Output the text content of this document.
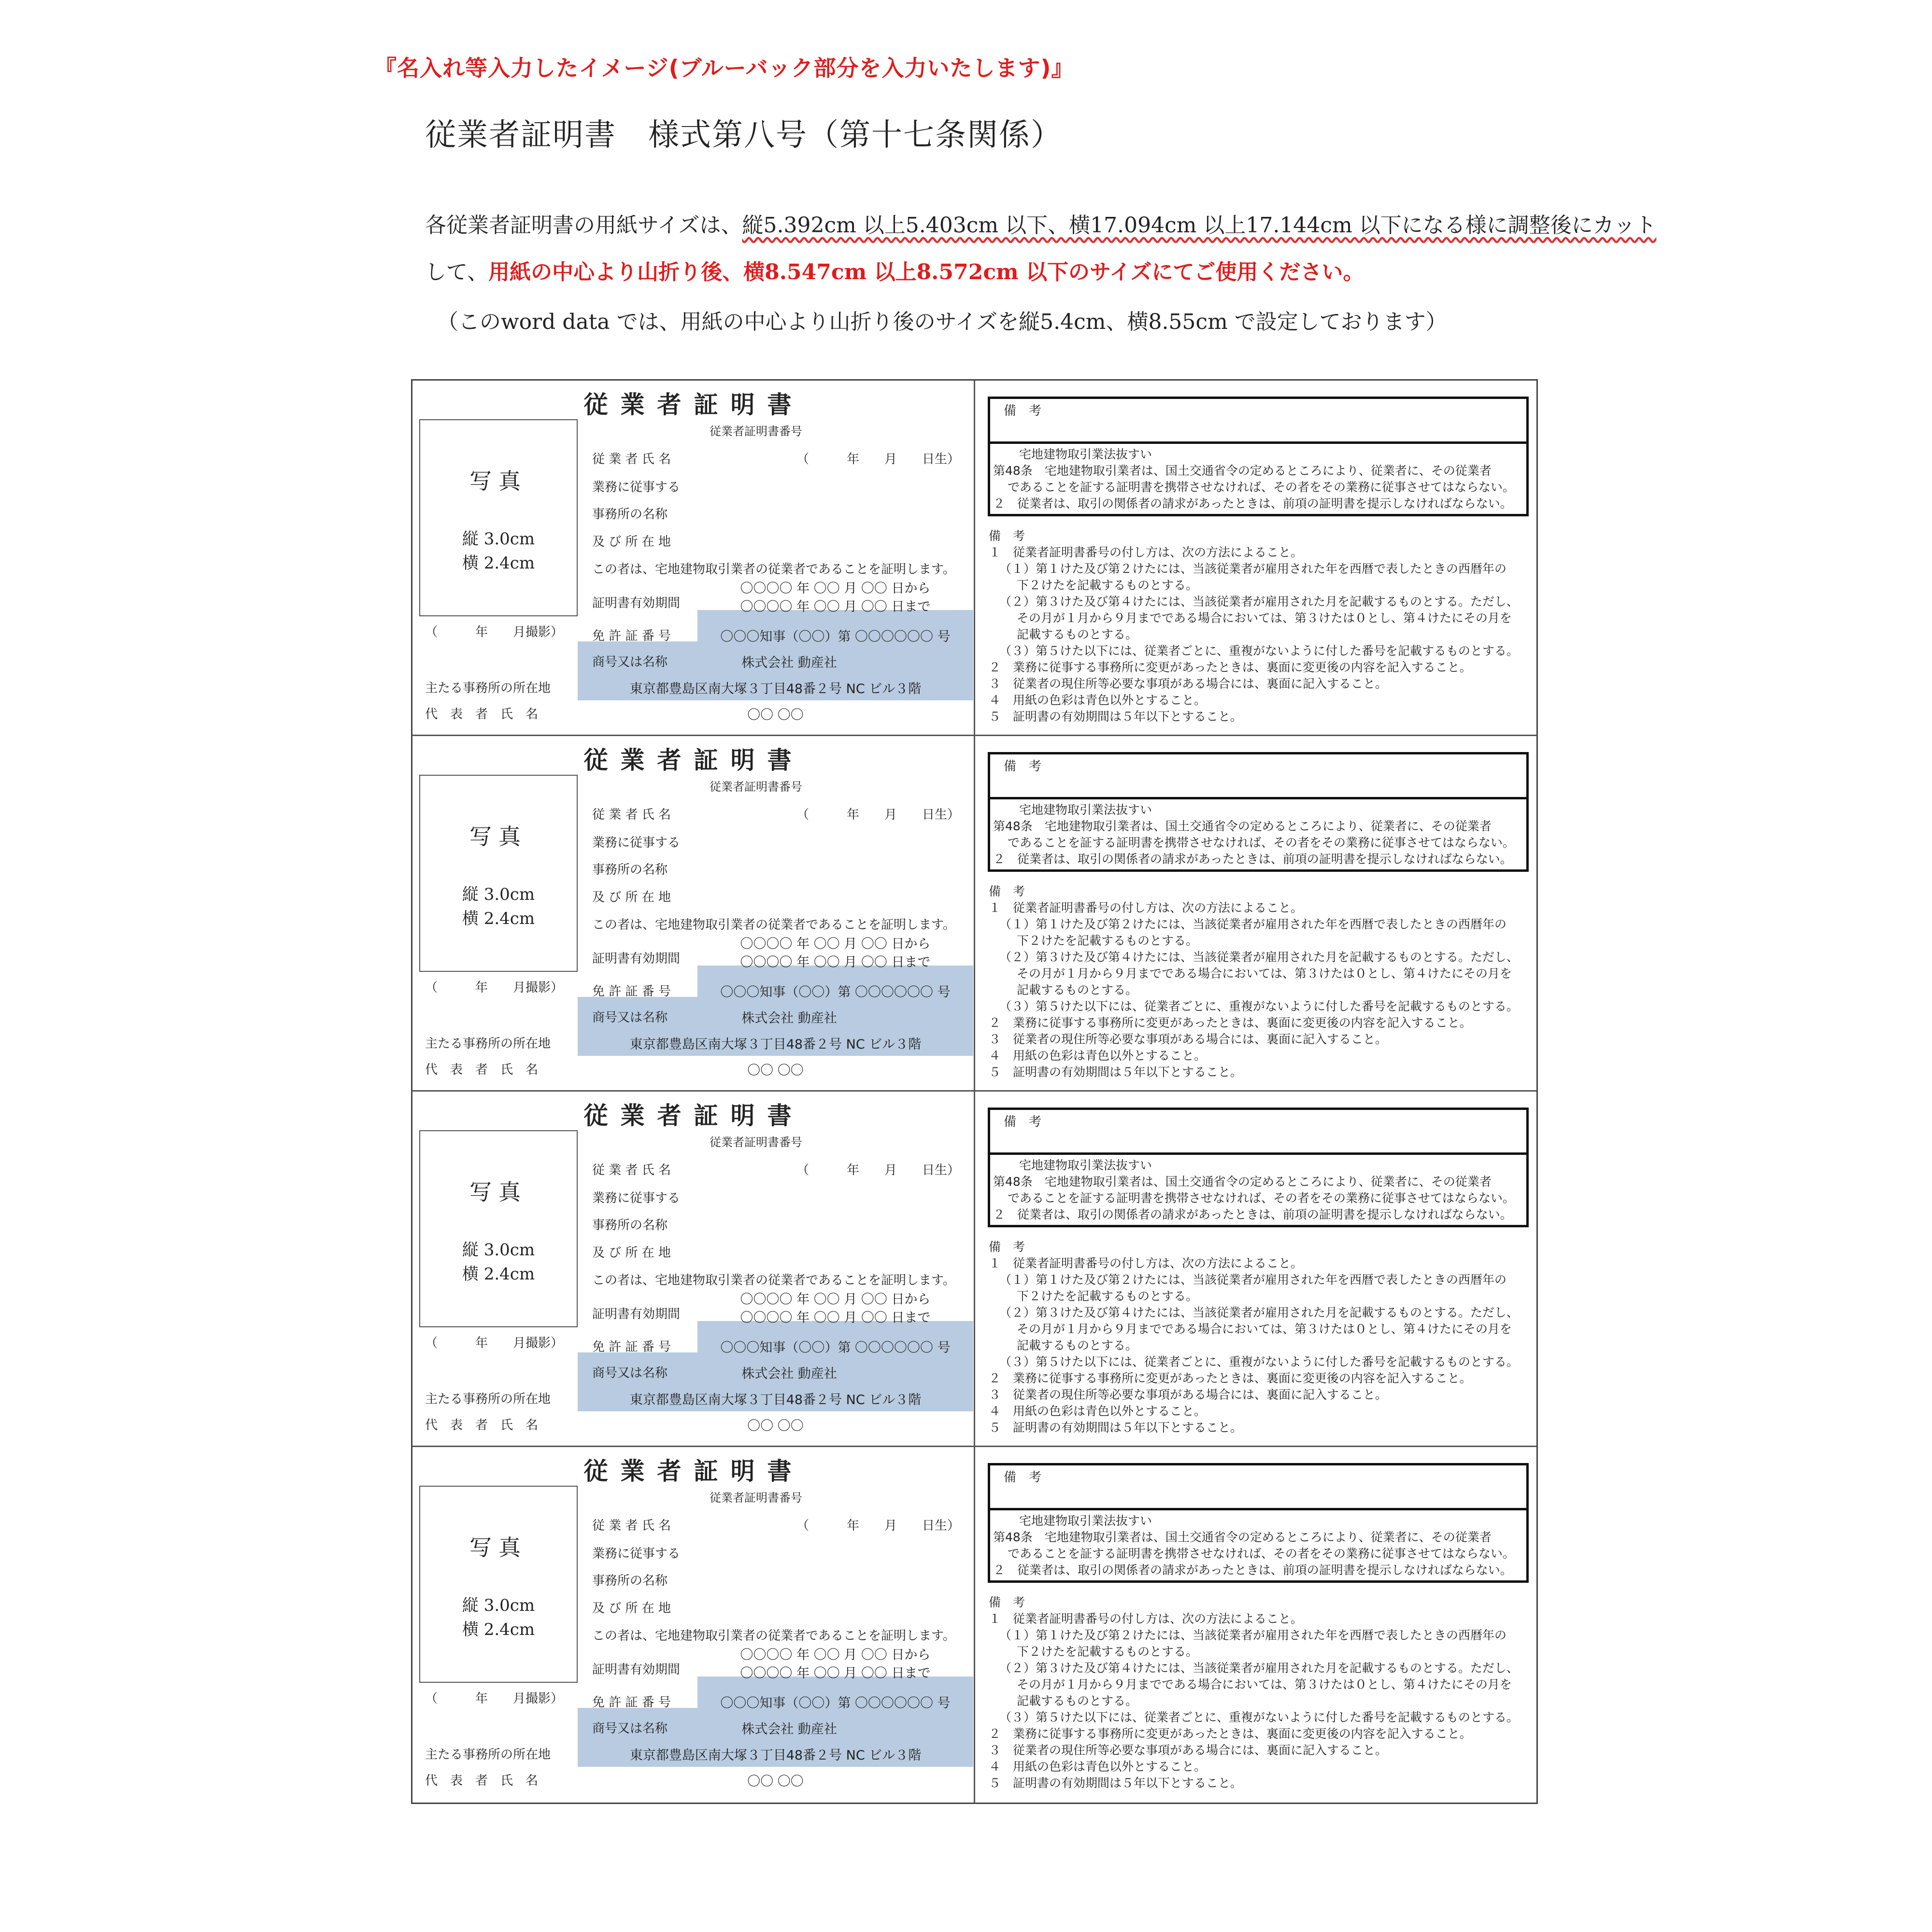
『名入れ等入力したイメージ(ブルーバック部分を入力いたします)』
従業者証明書　様式第八号（第十七条関係）
各従業者証明書の用紙サイズは、縦5.392cm 以上5.403cm 以下、横17.094cm 以上17.144cm 以下になる様に調整後にカット
して、用紙の中心より山折り後、横8.547cm 以上8.572cm 以下のサイズにてご使用ください。
（このword data では、用紙の中心より山折り後のサイズを縦5.4cm、横8.55cm で設定しております）
従業者証明書
従業者証明書番号
写真
縦 3.0cm
横 2.4cm
（　　　年　　月撮影）
従 業 者 氏 名	（　　　年　　月　　日生）
業務に従事する
事務所の名称
及 び 所 在 地
この者は、宅地建物取引業者の従業者であることを証明します。
証明書有効期間
〇〇〇〇 年 〇〇 月 〇〇 日から
〇〇〇〇 年 〇〇 月 〇〇 日まで
免 許 証 番 号	〇〇〇知事（〇〇）第 〇〇〇〇〇〇 号
商号又は名称	株式会社 動産社
主たる事務所の所在地	東京都豊島区南大塚３丁目48番２号 NC ビル３階
代　表　者　氏　名	〇〇 〇〇
備　考
宅地建物取引業法抜すい
第48条　宅地建物取引業者は、国土交通省令の定めるところにより、従業者に、その従業者
であることを証する証明書を携帯させなければ、その者をその業務に従事させてはならない。
２　従業者は、取引の関係者の請求があったときは、前項の証明書を提示しなければならない。
備　考
１　従業者証明書番号の付し方は、次の方法によること。
（１）第１けた及び第２けたには、当該従業者が雇用された年を西暦で表したときの西暦年の
下２けたを記載するものとする。
（２）第３けた及び第４けたには、当該従業者が雇用された月を記載するものとする。ただし、
その月が１月から９月までである場合においては、第３けたは０とし、第４けたにその月を
記載するものとする。
（３）第５けた以下には、従業者ごとに、重複がないように付した番号を記載するものとする。
２　業務に従事する事務所に変更があったときは、裏面に変更後の内容を記入すること。
３　従業者の現住所等必要な事項がある場合には、裏面に記入すること。
４　用紙の色彩は青色以外とすること。
５　証明書の有効期間は５年以下とすること。
従業者証明書
従業者証明書番号
写真
縦 3.0cm
横 2.4cm
（　　　年　　月撮影）
従 業 者 氏 名	（　　　年　　月　　日生）
業務に従事する
事務所の名称
及 び 所 在 地
この者は、宅地建物取引業者の従業者であることを証明します。
証明書有効期間
〇〇〇〇 年 〇〇 月 〇〇 日から
〇〇〇〇 年 〇〇 月 〇〇 日まで
免 許 証 番 号	〇〇〇知事（〇〇）第 〇〇〇〇〇〇 号
商号又は名称	株式会社 動産社
主たる事務所の所在地	東京都豊島区南大塚３丁目48番２号 NC ビル３階
代　表　者　氏　名	〇〇 〇〇
備　考
宅地建物取引業法抜すい
第48条　宅地建物取引業者は、国土交通省令の定めるところにより、従業者に、その従業者
であることを証する証明書を携帯させなければ、その者をその業務に従事させてはならない。
２　従業者は、取引の関係者の請求があったときは、前項の証明書を提示しなければならない。
備　考
１　従業者証明書番号の付し方は、次の方法によること。
（１）第１けた及び第２けたには、当該従業者が雇用された年を西暦で表したときの西暦年の
下２けたを記載するものとする。
（２）第３けた及び第４けたには、当該従業者が雇用された月を記載するものとする。ただし、
その月が１月から９月までである場合においては、第３けたは０とし、第４けたにその月を
記載するものとする。
（３）第５けた以下には、従業者ごとに、重複がないように付した番号を記載するものとする。
２　業務に従事する事務所に変更があったときは、裏面に変更後の内容を記入すること。
３　従業者の現住所等必要な事項がある場合には、裏面に記入すること。
４　用紙の色彩は青色以外とすること。
５　証明書の有効期間は５年以下とすること。
従業者証明書
従業者証明書番号
写真
縦 3.0cm
横 2.4cm
（　　　年　　月撮影）
従 業 者 氏 名	（　　　年　　月　　日生）
業務に従事する
事務所の名称
及 び 所 在 地
この者は、宅地建物取引業者の従業者であることを証明します。
証明書有効期間
〇〇〇〇 年 〇〇 月 〇〇 日から
〇〇〇〇 年 〇〇 月 〇〇 日まで
免 許 証 番 号	〇〇〇知事（〇〇）第 〇〇〇〇〇〇 号
商号又は名称	株式会社 動産社
主たる事務所の所在地	東京都豊島区南大塚３丁目48番２号 NC ビル３階
代　表　者　氏　名	〇〇 〇〇
備　考
宅地建物取引業法抜すい
第48条　宅地建物取引業者は、国土交通省令の定めるところにより、従業者に、その従業者
であることを証する証明書を携帯させなければ、その者をその業務に従事させてはならない。
２　従業者は、取引の関係者の請求があったときは、前項の証明書を提示しなければならない。
備　考
１　従業者証明書番号の付し方は、次の方法によること。
（１）第１けた及び第２けたには、当該従業者が雇用された年を西暦で表したときの西暦年の
下２けたを記載するものとする。
（２）第３けた及び第４けたには、当該従業者が雇用された月を記載するものとする。ただし、
その月が１月から９月までである場合においては、第３けたは０とし、第４けたにその月を
記載するものとする。
（３）第５けた以下には、従業者ごとに、重複がないように付した番号を記載するものとする。
２　業務に従事する事務所に変更があったときは、裏面に変更後の内容を記入すること。
３　従業者の現住所等必要な事項がある場合には、裏面に記入すること。
４　用紙の色彩は青色以外とすること。
５　証明書の有効期間は５年以下とすること。
従業者証明書
従業者証明書番号
写真
縦 3.0cm
横 2.4cm
（　　　年　　月撮影）
従 業 者 氏 名	（　　　年　　月　　日生）
業務に従事する
事務所の名称
及 び 所 在 地
この者は、宅地建物取引業者の従業者であることを証明します。
証明書有効期間
〇〇〇〇 年 〇〇 月 〇〇 日から
〇〇〇〇 年 〇〇 月 〇〇 日まで
免 許 証 番 号	〇〇〇知事（〇〇）第 〇〇〇〇〇〇 号
商号又は名称	株式会社 動産社
主たる事務所の所在地	東京都豊島区南大塚３丁目48番２号 NC ビル３階
代　表　者　氏　名	〇〇 〇〇
備　考
宅地建物取引業法抜すい
第48条　宅地建物取引業者は、国土交通省令の定めるところにより、従業者に、その従業者
であることを証する証明書を携帯させなければ、その者をその業務に従事させてはならない。
２　従業者は、取引の関係者の請求があったときは、前項の証明書を提示しなければならない。
備　考
１　従業者証明書番号の付し方は、次の方法によること。
（１）第１けた及び第２けたには、当該従業者が雇用された年を西暦で表したときの西暦年の
下２けたを記載するものとする。
（２）第３けた及び第４けたには、当該従業者が雇用された月を記載するものとする。ただし、
その月が１月から９月までである場合においては、第３けたは０とし、第４けたにその月を
記載するものとする。
（３）第５けた以下には、従業者ごとに、重複がないように付した番号を記載するものとする。
２　業務に従事する事務所に変更があったときは、裏面に変更後の内容を記入すること。
３　従業者の現住所等必要な事項がある場合には、裏面に記入すること。
４　用紙の色彩は青色以外とすること。
５　証明書の有効期間は５年以下とすること。
